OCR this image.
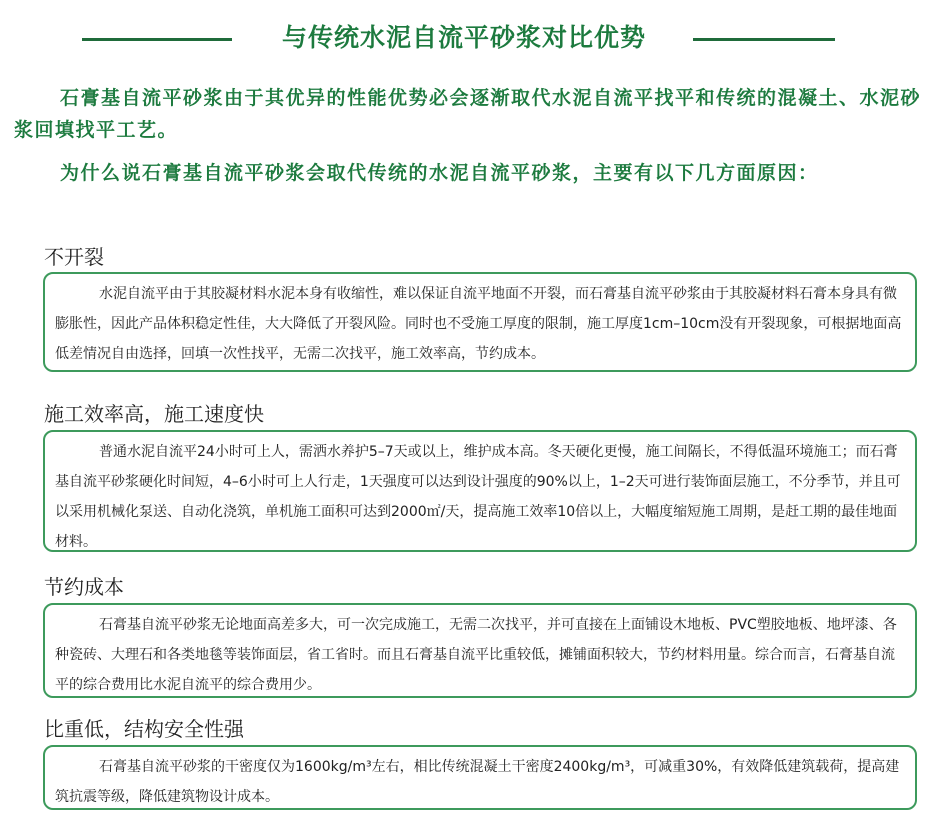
与传统水泥自流平砂浆对比优势
石膏基自流平砂浆由于其优异的性能优势必会逐渐取代水泥自流平找平和传统的混凝土、水泥砂浆回填找平工艺。
为什么说石膏基自流平砂浆会取代传统的水泥自流平砂浆，主要有以下几方面原因：
不开裂
水泥自流平由于其胶凝材料水泥本身有收缩性，难以保证自流平地面不开裂，而石膏基自流平砂浆由于其胶凝材料石膏本身具有微膨胀性，因此产品体积稳定性佳，大大降低了开裂风险。同时也不受施工厚度的限制，施工厚度1cm–10cm没有开裂现象，可根据地面高低差情况自由选择，回填一次性找平，无需二次找平，施工效率高，节约成本。
施工效率高，施工速度快
普通水泥自流平24小时可上人，需洒水养护5–7天或以上，维护成本高。冬天硬化更慢，施工间隔长，不得低温环境施工；而石膏基自流平砂浆硬化时间短，4–6小时可上人行走，1天强度可以达到设计强度的90%以上，1–2天可进行装饰面层施工，不分季节，并且可以采用机械化泵送、自动化浇筑，单机施工面积可达到2000㎡/天，提高施工效率10倍以上，大幅度缩短施工周期，是赶工期的最佳地面材料。
节约成本
石膏基自流平砂浆无论地面高差多大，可一次完成施工，无需二次找平，并可直接在上面铺设木地板、PVC塑胶地板、地坪漆、各种瓷砖、大理石和各类地毯等装饰面层，省工省时。而且石膏基自流平比重较低，摊铺面积较大，节约材料用量。综合而言，石膏基自流平的综合费用比水泥自流平的综合费用少。
比重低，结构安全性强
石膏基自流平砂浆的干密度仅为1600kg/m³左右，相比传统混凝土干密度2400kg/m³，可减重30%，有效降低建筑载荷，提高建筑抗震等级，降低建筑物设计成本。
